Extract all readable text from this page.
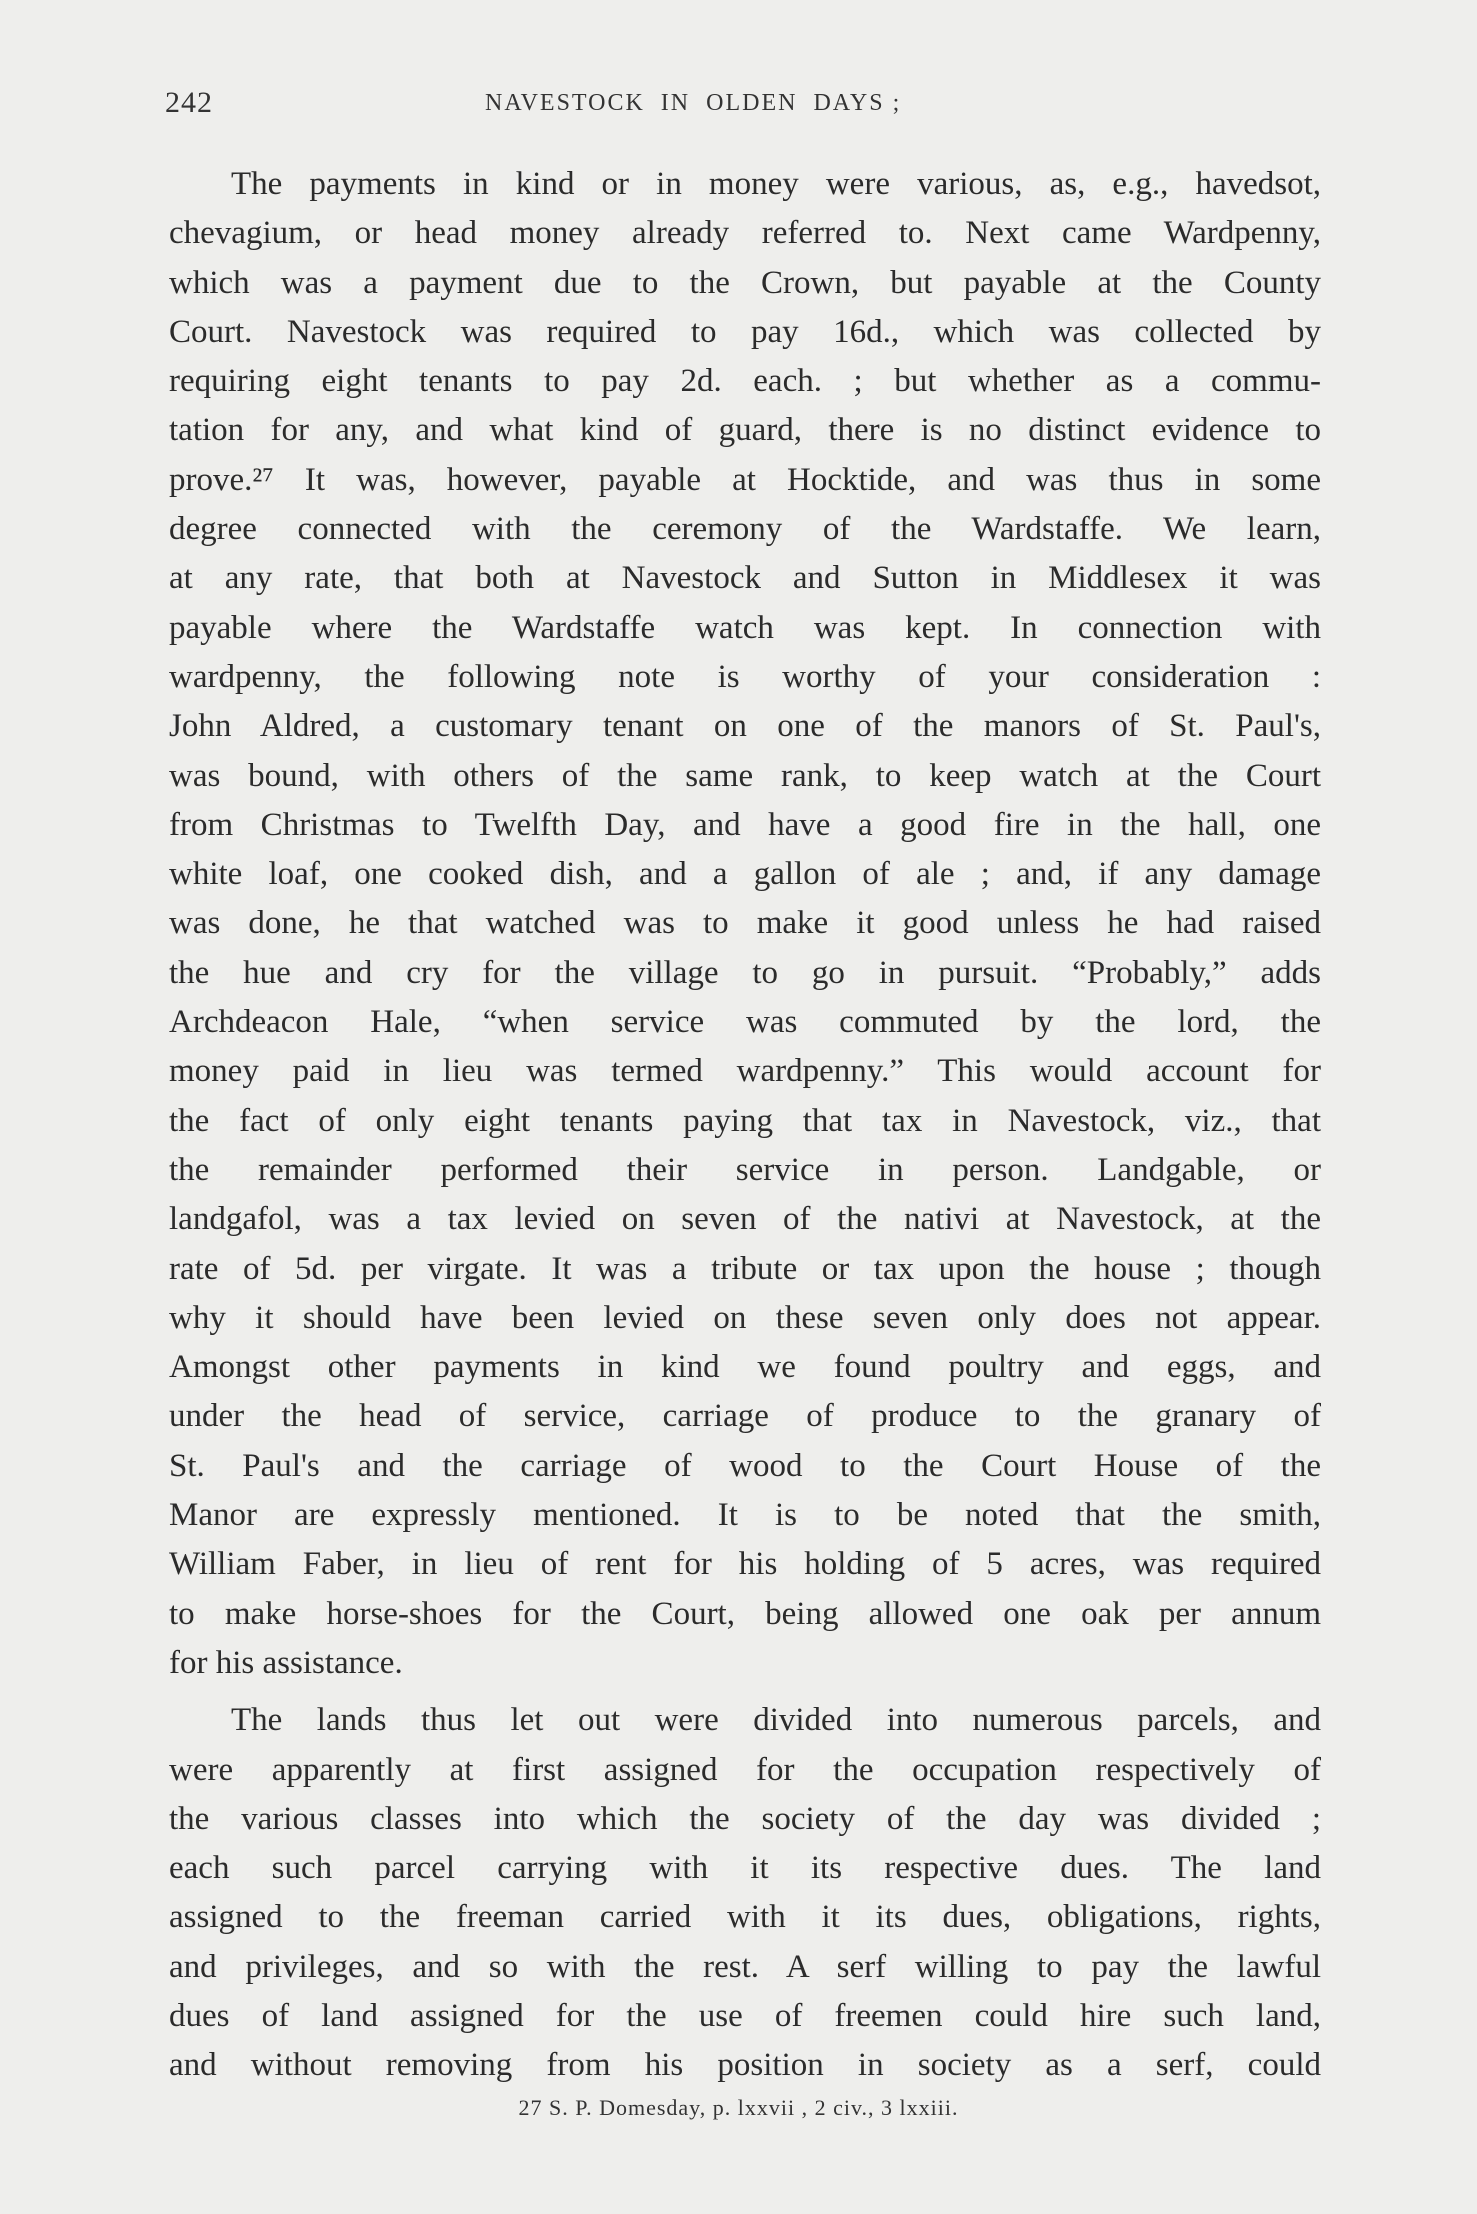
242	NAVESTOCK  IN  OLDEN  DAYS ;
The payments in kind or in money were various, as, e.g., havedsot,
chevagium, or head money already referred to. Next came Wardpenny,
which was a payment due to the Crown, but payable at the County
Court. Navestock was required to pay 16d., which was collected by
requiring eight tenants to pay 2d. each. ; but whether as a commu-
tation for any, and what kind of guard, there is no distinct evidence to
prove.²⁷ It was, however, payable at Hocktide, and was thus in some
degree connected with the ceremony of the Wardstaffe. We learn,
at any rate, that both at Navestock and Sutton in Middlesex it was
payable where the Wardstaffe watch was kept. In connection with
wardpenny, the following note is worthy of your consideration :
John Aldred, a customary tenant on one of the manors of St. Paul's,
was bound, with others of the same rank, to keep watch at the Court
from Christmas to Twelfth Day, and have a good fire in the hall, one
white loaf, one cooked dish, and a gallon of ale ; and, if any damage
was done, he that watched was to make it good unless he had raised
the hue and cry for the village to go in pursuit. “Probably,” adds
Archdeacon Hale, “when service was commuted by the lord, the
money paid in lieu was termed wardpenny.” This would account for
the fact of only eight tenants paying that tax in Navestock, viz., that
the remainder performed their service in person. Landgable, or
landgafol, was a tax levied on seven of the nativi at Navestock, at the
rate of 5d. per virgate. It was a tribute or tax upon the house ; though
why it should have been levied on these seven only does not appear.
Amongst other payments in kind we found poultry and eggs, and
under the head of service, carriage of produce to the granary of
St. Paul's and the carriage of wood to the Court House of the
Manor are expressly mentioned. It is to be noted that the smith,
William Faber, in lieu of rent for his holding of 5 acres, was required
to make horse-shoes for the Court, being allowed one oak per annum
for his assistance.
The lands thus let out were divided into numerous parcels, and
were apparently at first assigned for the occupation respectively of
the various classes into which the society of the day was divided ;
each such parcel carrying with it its respective dues. The land
assigned to the freeman carried with it its dues, obligations, rights,
and privileges, and so with the rest. A serf willing to pay the lawful
dues of land assigned for the use of freemen could hire such land,
and without removing from his position in society as a serf, could
27 S. P. Domesday, p. lxxvii , 2 civ., 3 lxxiii.
